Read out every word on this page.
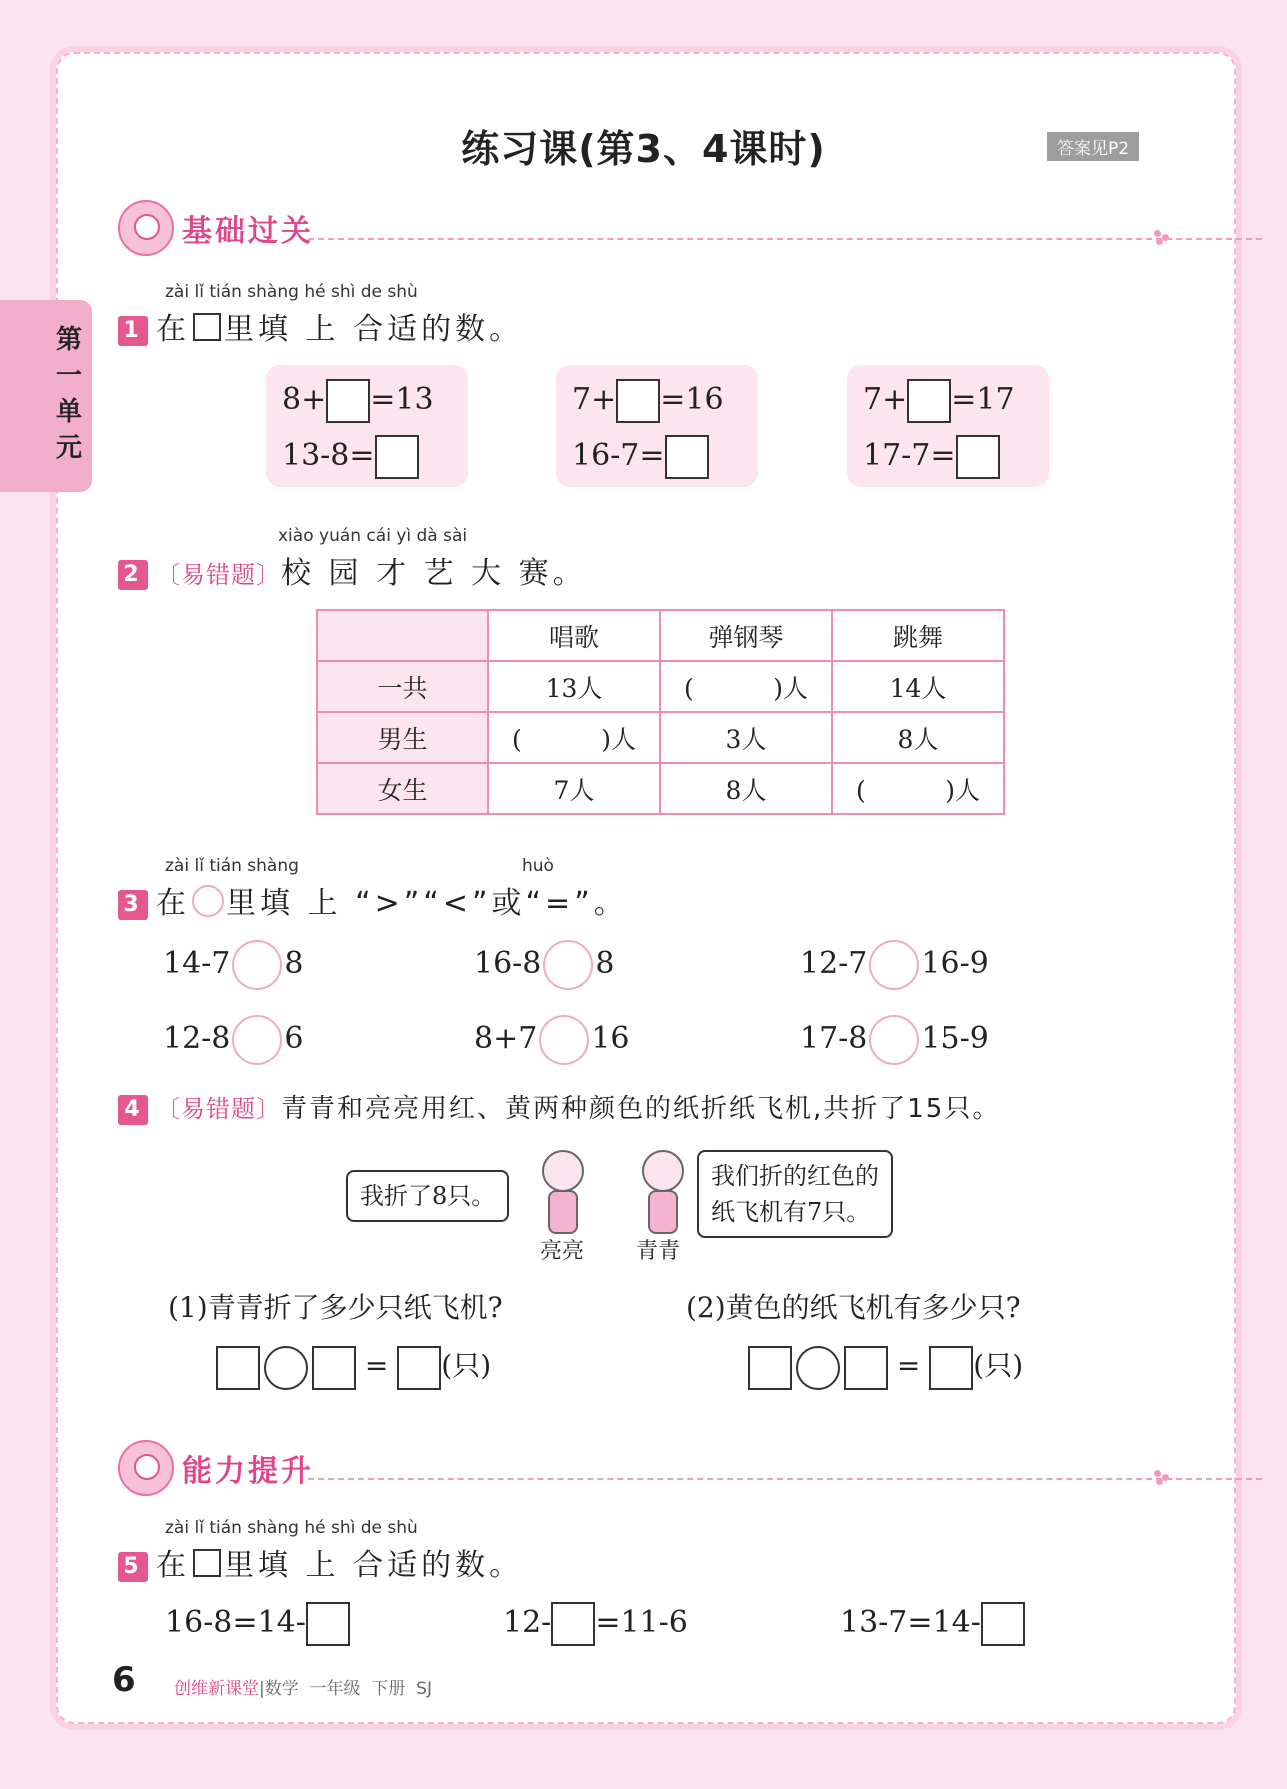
第一单元
练习课(第3、4课时)	答案见P2
基础过关
zài lǐ tián shàng hé shì de shù
1 在 里填 上 合适的数。
8+ =13
13-8=
7+ =16
16-7=
7+ =17
17-7=
xiào yuán cái yì dà sài
2 〔易错题〕校 园 才 艺 大 赛。
	唱歌	弹钢琴	跳舞
一共	13人	(          )人	14人
男生	(          )人	3人	8人
女生	7人	8人	(          )人
zài lǐ tián shàng	huò
3 在 里填 上 “>”“<”或“=”。
14-7 8	16-8 8	12-7 16-9
12-8 6	8+7 16	17-8 15-9
4 〔易错题〕青青和亮亮用红、黄两种颜色的纸折纸飞机,共折了15只。
我折了8只。
亮亮 青青
我们折的红色的
纸飞机有7只。
(1)青青折了多少只纸飞机?	(2)黄色的纸飞机有多少只?
= (只)	= (只)
能力提升
zài lǐ tián shàng hé shì de shù
5 在 里填 上 合适的数。
16-8=14-	12- =11-6	13-7=14-
6 创维新课堂|数学  一年级  下册  SJ
